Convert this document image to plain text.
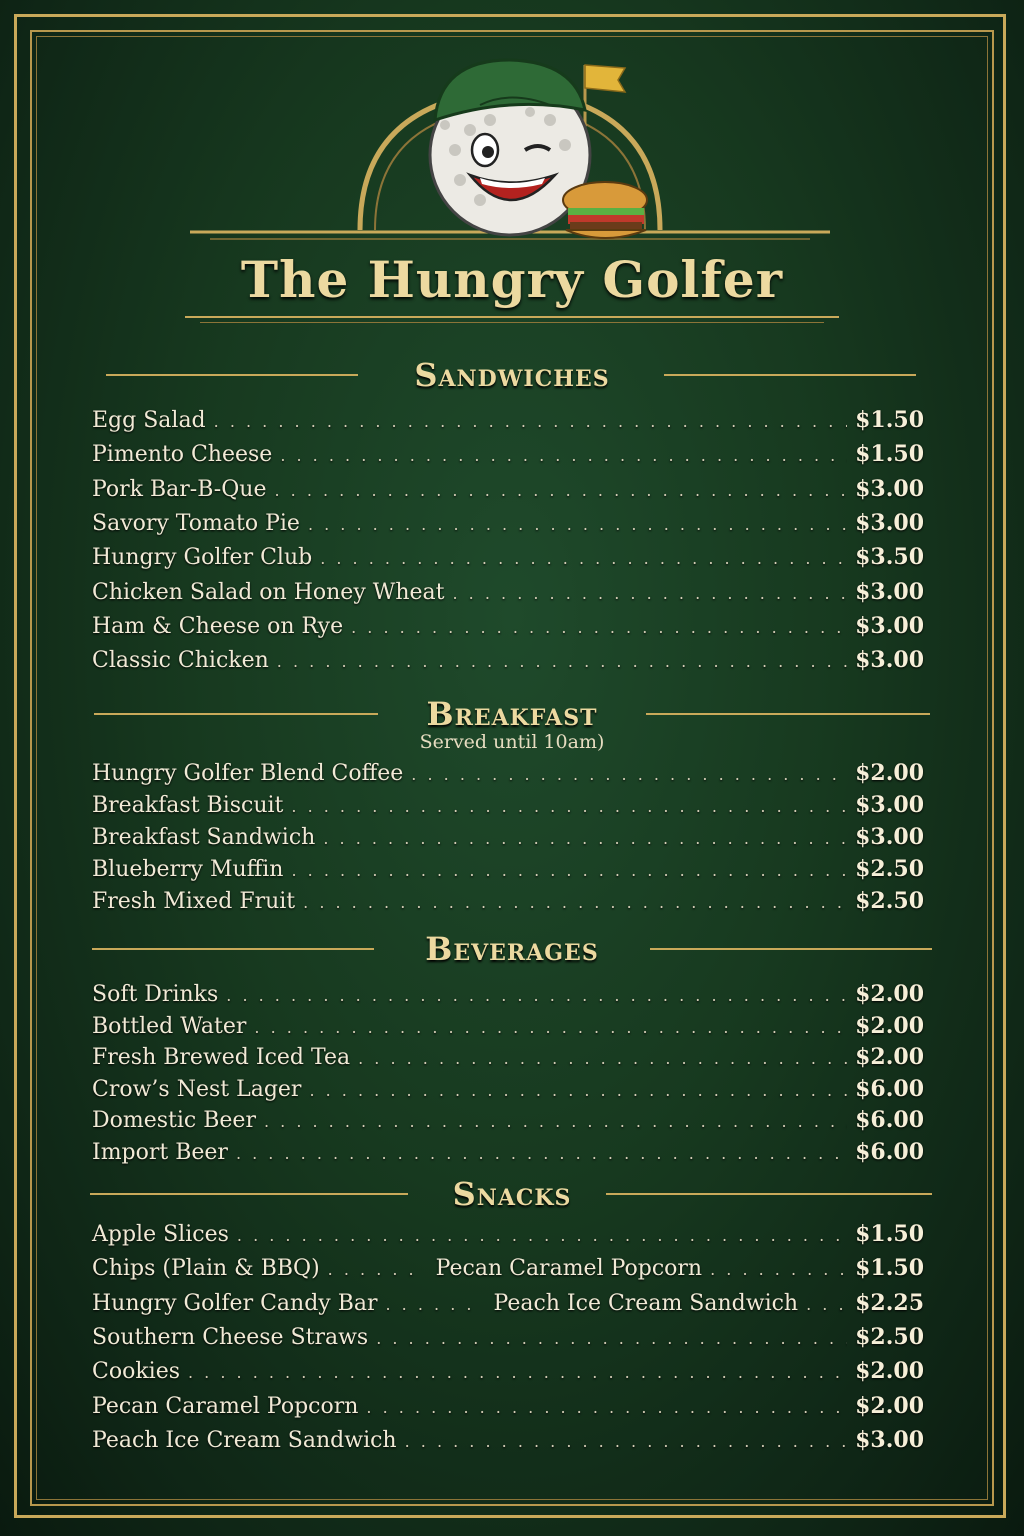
The Hungry Golfer
Sandwiches
Egg Salad . . .	$1.50
Pimento Cheese . . .	$1.50
Pork Bar-B-Que . . .	$3.00
Savory Tomato Pie . . .	$3.00
Hungry Golfer Club . . .	$3.50
Chicken Salad on Honey Wheat . . .	$3.00
Ham & Cheese on Rye . . .	$3.00
Classic Chicken . . .	$3.00
Breakfast
Served until 10am)
Hungry Golfer Blend Coffee . . .	$2.00
Breakfast Biscuit . . .	$3.00
Breakfast Sandwich . . .	$3.00
Blueberry Muffin . . .	$2.50
Fresh Mixed Fruit . . .	$2.50
Beverages
Soft Drinks . . .	$2.00
Bottled Water . . .	$2.00
Fresh Brewed Iced Tea . . .	$2.00
Crow’s Nest Lager . . .	$6.00
Domestic Beer . . .	$6.00
Import Beer . . .	$6.00
Snacks
Apple Slices . . .	$1.50
Chips (Plain & BBQ) . . .	Pecan Caramel Popcorn . . .	$1.50
Hungry Golfer Candy Bar . . .	Peach Ice Cream Sandwich . . .	$2.25
Southern Cheese Straws . . .	$2.50
Cookies . . .	$2.00
Pecan Caramel Popcorn . . .	$2.00
Peach Ice Cream Sandwich . . .	$3.00
